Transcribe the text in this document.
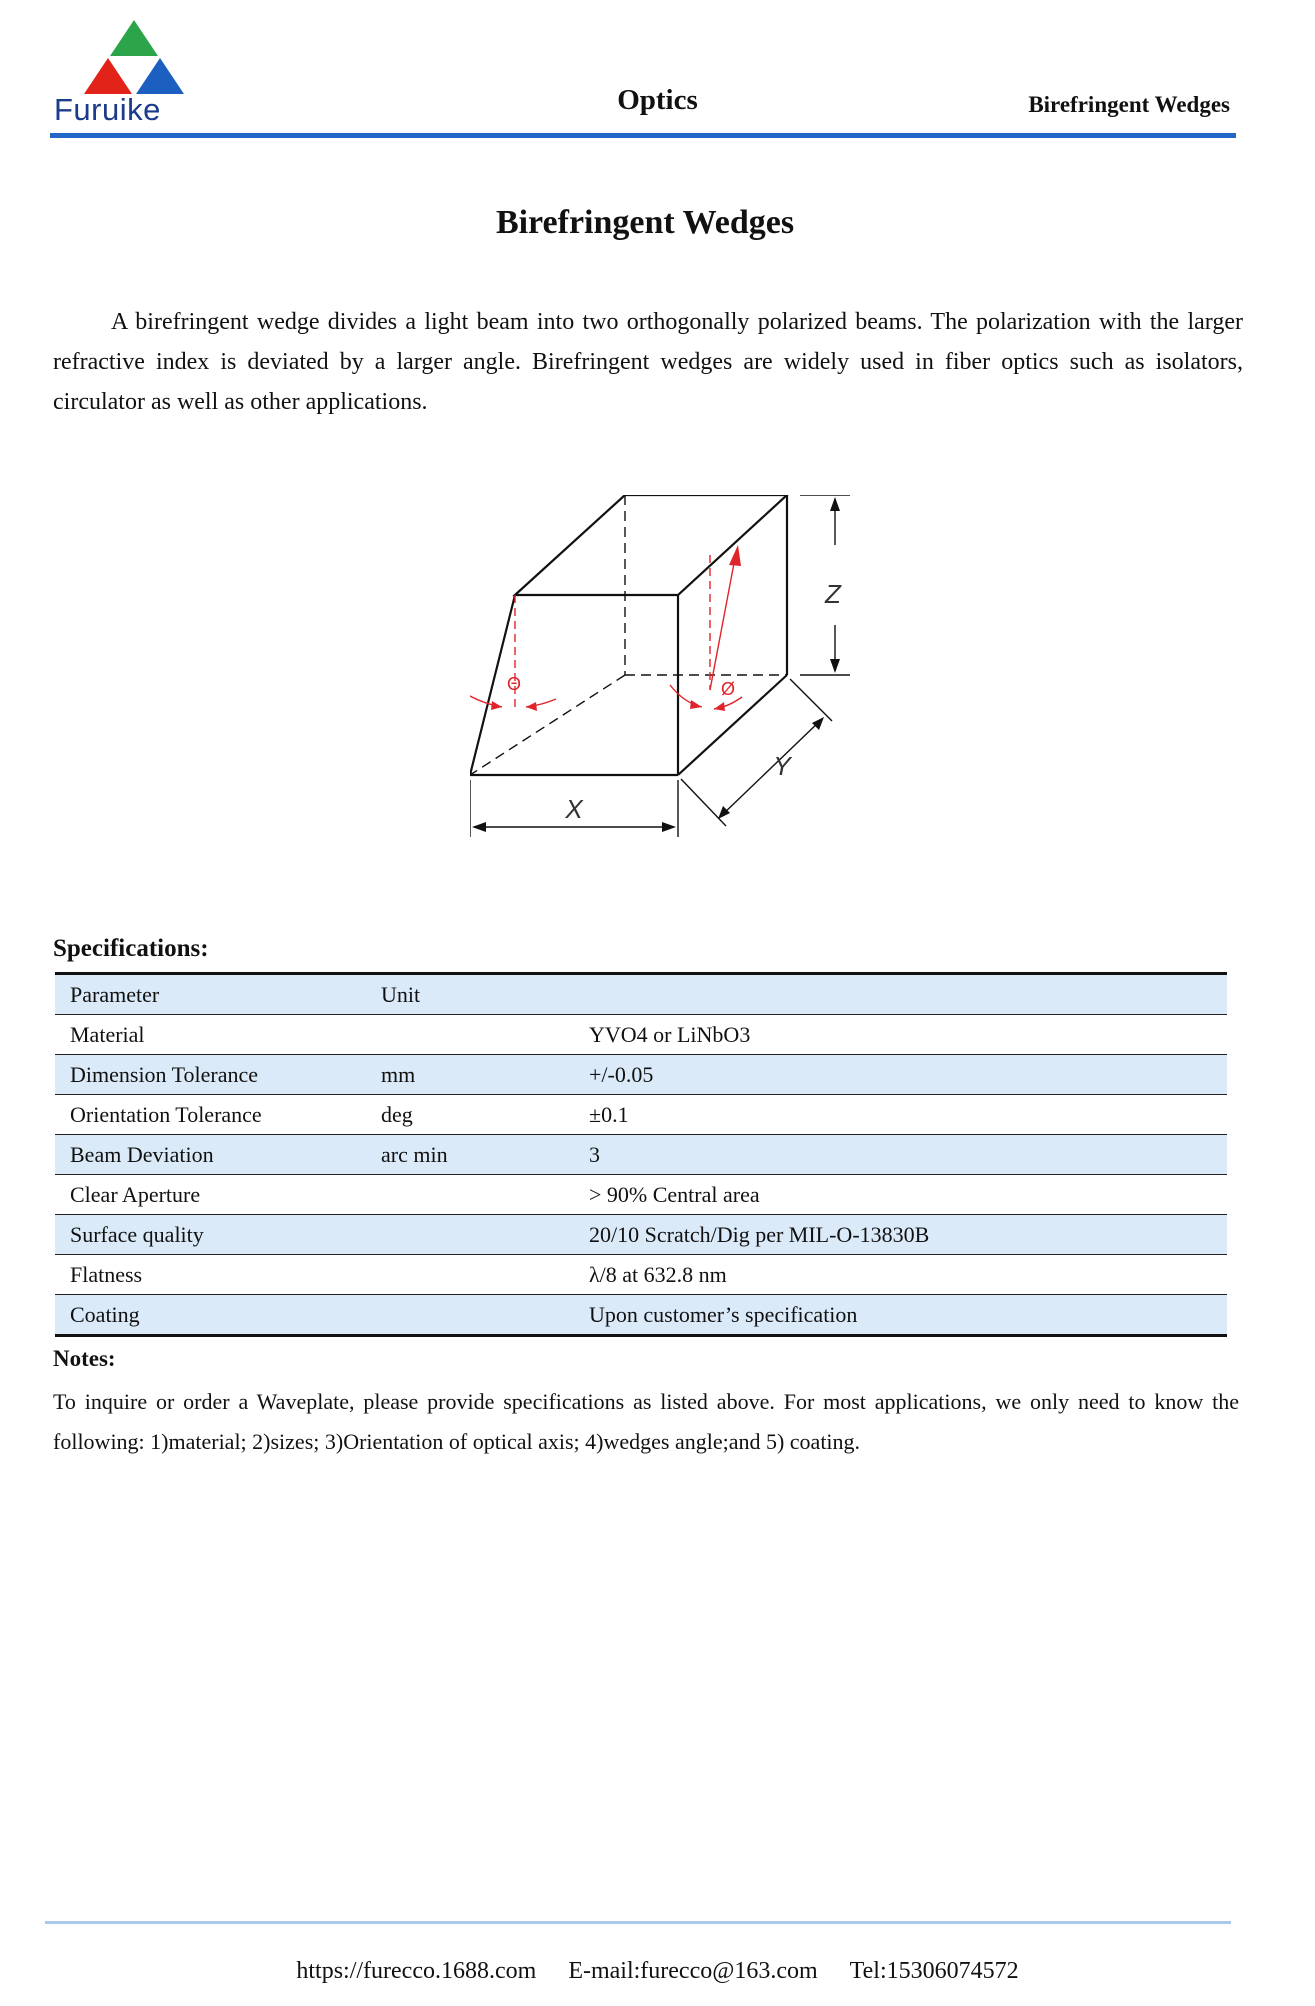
Furuike	Optics	Birefringent Wedges
Birefringent Wedges

A birefringent wedge divides a light beam into two orthogonally polarized beams. The polarization with the larger refractive index is deviated by a larger angle. Birefringent wedges are widely used in fiber optics such as isolators, circulator as well as other applications.

Θ	Ø
Z
X
Y
Specifications:
Parameter	Unit	
Material		YVO4 or LiNbO3
Dimension Tolerance	mm	+/-0.05
Orientation Tolerance	deg	±0.1
Beam Deviation	arc min	3
Clear Aperture		> 90% Central area
Surface quality		20/10 Scratch/Dig per MIL-O-13830B
Flatness		λ/8 at 632.8 nm
Coating		Upon customer’s specification
Notes:

To inquire or order a Waveplate, please provide specifications as listed above. For most applications, we only need to know the following: 1)material; 2)sizes; 3)Orientation of optical axis; 4)wedges angle;and 5) coating.

https://furecco.1688.com E-mail:furecco@163.com Tel:15306074572
